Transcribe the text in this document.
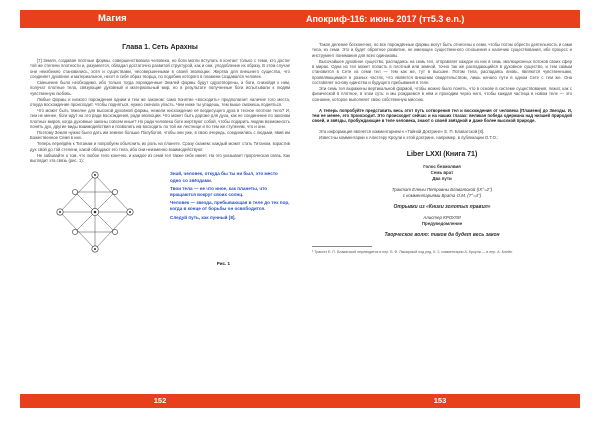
Магия
Глава 1. Сеть Арахны

[7] Земля, создавая плотные формы, совершенствовала человека, но боги могли вступать в контакт только с теми, кто достиг той же степени плотности и, разумеется, обладал достаточно развитой структурой, как и они, уподобление их образу. В этом случае они неизбежно становились, хотя и существами, несовершенными в своей эволюции. Жертва для внешнего существа, что соединяет духовное и материальное, несет в себе образ творца, по подобию которого в пламени создавался человек.

Смешение было необходимо, ибо только тогда порожденные Землей формы будут одухотворены, а боги, снизойдя к ним, получат плотные тела, связующие духовный и материальный мир, но в результате полученные боги испытывали к людям чувственную любовь.

Любые формы и низкого порождения одним и тем же законом: само понятие «восходить» предполагает наличие того места, откуда восхождение происходит. Чтобы подняться, нужно сначала упасть. Чем ниже ты упадешь, тем выше сможешь подняться.

Что может быть тяжелее для высокой духовной формы, нежели нисхождение её вездесущего духа в тесное плотное тело? И, тем не менее, боги идут на это ради восхождения, ради эволюции. Что может быть дороже для духа, как не соединение по законам плотных миров, когда духовные законы совсем иные? Но ради человека боги жертвуют собой, чтобы подарить людям возможность понять дух, другие виды взаимодействия и позволить им восходить по той же лестнице и по тем же ступеням, что и они.

Поэтому Земля нужно было дать им земное больше Полубогов, чтобы они уже, в свою очередь, соединились с людьми, явив им Божественное Семя в них.

Теперь перейдём к Титанам и попробуем объяснить их роль на планете. Сразу скажем: каждый может стать Титаном, взрастив дух свой до той степени, какой обладают его тела, ибо они неизменно взаимодействуют.

Не забывайте о том, что любое тело конечно, и каждое из семи тел также себе имеет. На это указывает пророческая связь. Как выглядит эта связь (рис. 1):

Знай, человек, откуда бы ты ни был, это место одно со звёздами.

Твои тела — не что иное, как планеты, что вращаются вокруг своих солнц.

Человек — звезда, пребывающая в теле до тех пор, когда в конце от борьбы он освободится.

Следуй путь, как лунный [8].

Рис. 1
152
Апокриф-116: июнь 2017 (тт5.3 e.n.)

Такое деление бесконечно, но все порождённые формы могут быть отнесены к семи, чтобы потом обрести деятельность и сами тела, из семи. Это и будет обратное развитие, не имеющее существенного отношения к наличию существования, ибо процесс и инструмент понимания для всех одинаковы.

Высочайшее духовное существо, распадаясь на семь тел, отправляет каждое из них в семь эволюционных потоков своих сфер в мирах. Одна из тел может попасть в плотный или земной, точно так же распадающийся в духовное существо, и тем самым становится в Сете из семи тел — тем как же, тут в высшее. Потом тела, распадаясь вновь, являются чувственными, проявляющимися в разных частях, что является внешним свидетельством, лишь начало пути в одном Сете с тем же. Она составляет основу единства и будущего пребывания в теле.

Эти семь тел выражены вертикальной формой, чтобы можно было понять, что в основе в системе существования, лежат, как с физической в плотное, в этом суть: и мы рождаемся в нём и проходим через него, чтобы каждая частица в новом теле — это сознание, которое выполняет свою собственную миссию.

А теперь попробуйте представить весь этот путь сотворения тел и восхождения от человека (Пламени) до Звезды. И, тем не менее, это происходит. Это происходит сейчас и на наших глазах: великая победа одержана над низшей природой своей, и звёзды, пробуждающие в теле человека, знают о своей звёздной и даже более высокой природе.

Эта информация является комментарием к «Тайной Доктрине» Е. П. Блаватской [8].

Известны комментарии к Алистеру Кроули к этой доктрине, например, в публикации О.Т.О.:

Liber LXXI (Книга 71)
Голос безмолвия
Семь врат
Два пути
Трактат Елены Петровны Блаватской (IX°=2°)
с комментариями Брата О.М. (7°=4°)
Отрывки из «Книги золотых правил»
Алистер КРОУЛИ
Предуведомление
Творческое волю: таков да будет весь закон
¹ Трактат Е. П. Блаватской переводится в пер. Б. Ф. Лыкарской под ред. К. 2, комментарии А. Кроули — в пер. А. Блейн.
153
